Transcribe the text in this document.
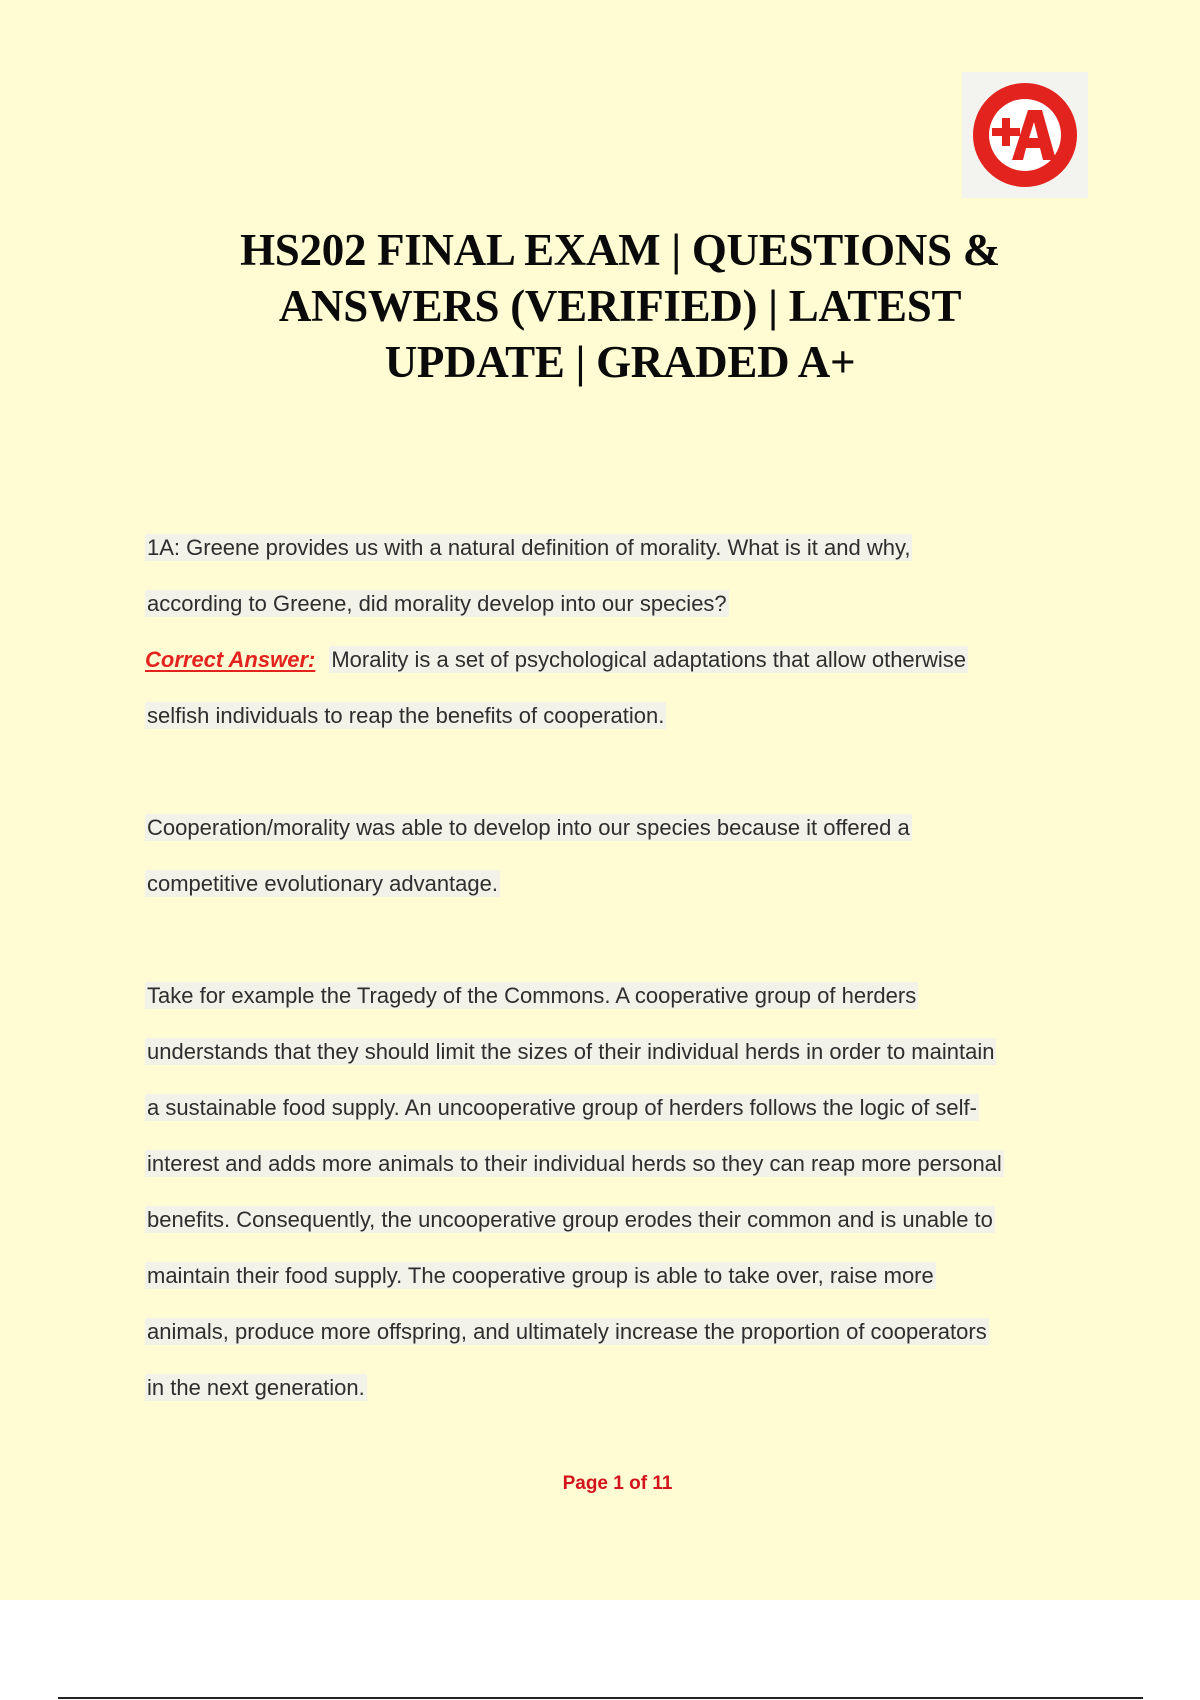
HS202 FINAL EXAM | QUESTIONS &
ANSWERS (VERIFIED) | LATEST
UPDATE | GRADED A+

1A: Greene provides us with a natural definition of morality. What is it and why,
according to Greene, did morality develop into our species?

Correct Answer: Morality is a set of psychological adaptations that allow otherwise
selfish individuals to reap the benefits of cooperation.

Cooperation/morality was able to develop into our species because it offered a
competitive evolutionary advantage.

Take for example the Tragedy of the Commons. A cooperative group of herders
understands that they should limit the sizes of their individual herds in order to maintain
a sustainable food supply. An uncooperative group of herders follows the logic of self-
interest and adds more animals to their individual herds so they can reap more personal
benefits. Consequently, the uncooperative group erodes their common and is unable to
maintain their food supply. The cooperative group is able to take over, raise more
animals, produce more offspring, and ultimately increase the proportion of cooperators
in the next generation.

Page 1 of 11
